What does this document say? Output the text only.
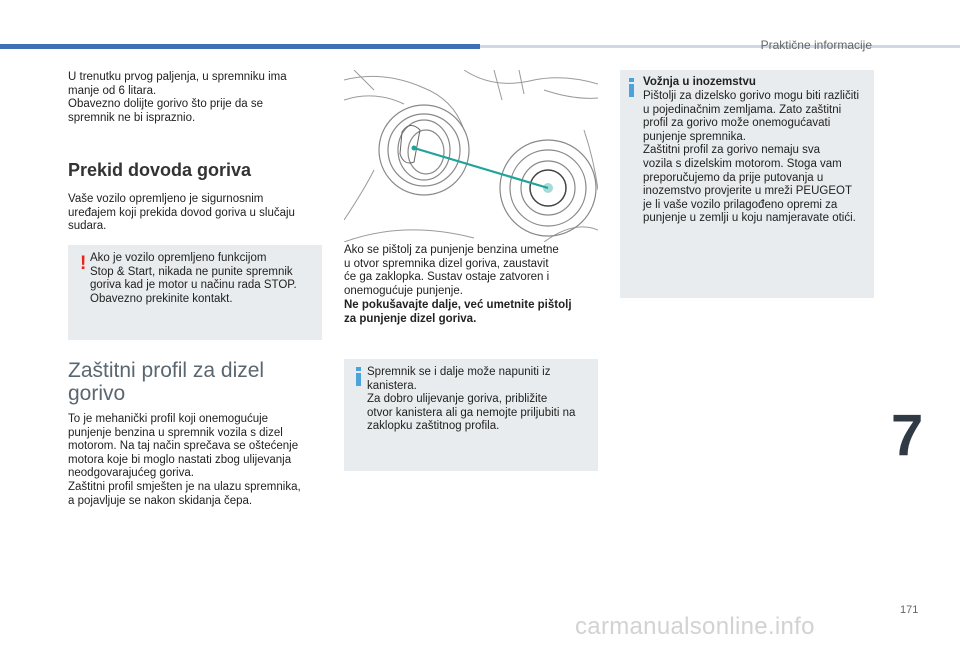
Praktične informacije
U trenutku prvog paljenja, u spremniku ima
manje od 6 litara.
Obavezno dolijte gorivo što prije da se
spremnik ne bi ispraznio.
Prekid dovoda goriva
Vaše vozilo opremljeno je sigurnosnim
uređajem koji prekida dovod goriva u slučaju
sudara.
! Ako je vozilo opremljeno funkcijom
Stop & Start, nikada ne punite spremnik
goriva kad je motor u načinu rada STOP.
Obavezno prekinite kontakt.
Zaštitni profil za dizel
gorivo
To je mehanički profil koji onemogućuje
punjenje benzina u spremnik vozila s dizel
motorom. Na taj način sprečava se oštećenje
motora koje bi moglo nastati zbog ulijevanja
neodgovarajućeg goriva.
Zaštitni profil smješten je na ulazu spremnika,
a pojavljuje se nakon skidanja čepa.
Ako se pištolj za punjenje benzina umetne
u otvor spremnika dizel goriva, zaustavit
će ga zaklopka. Sustav ostaje zatvoren i
onemogućuje punjenje.
Ne pokušavajte dalje, već umetnite pištolj
za punjenje dizel goriva.
Spremnik se i dalje može napuniti iz
kanistera.
Za dobro ulijevanje goriva, približite
otvor kanistera ali ga nemojte priljubiti na
zaklopku zaštitnog profila.
Vožnja u inozemstvu
Pištolji za dizelsko gorivo mogu biti različiti
u pojedinačnim zemljama. Zato zaštitni
profil za gorivo može onemogućavati
punjenje spremnika.
Zaštitni profil za gorivo nemaju sva
vozila s dizelskim motorom. Stoga vam
preporučujemo da prije putovanja u
inozemstvo provjerite u mreži PEUGEOT
je li vaše vozilo prilagođeno opremi za
punjenje u zemlji u koju namjeravate otići.
7
171
carmanualsonline.info
